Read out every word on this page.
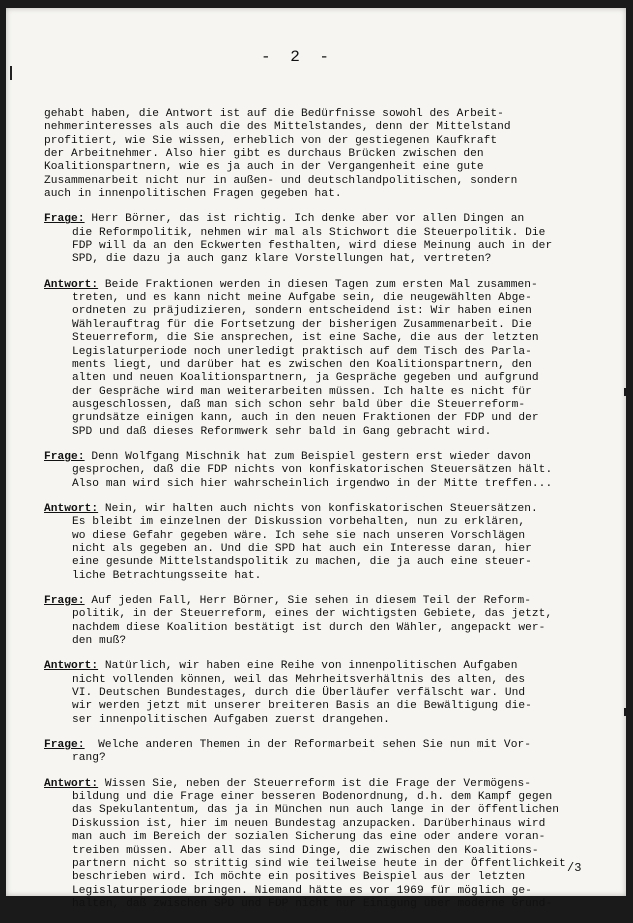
- 2 -
gehabt haben, die Antwort ist auf die Bedürfnisse sowohl des Arbeit-
nehmerinteresses als auch die des Mittelstandes, denn der Mittelstand
profitiert, wie Sie wissen, erheblich von der gestiegenen Kaufkraft
der Arbeitnehmer. Also hier gibt es durchaus Brücken zwischen den
Koalitionspartnern, wie es ja auch in der Vergangenheit eine gute
Zusammenarbeit nicht nur in außen- und deutschlandpolitischen, sondern
auch in innenpolitischen Fragen gegeben hat.
Frage: Herr Börner, das ist richtig. Ich denke aber vor allen Dingen an
die Reformpolitik, nehmen wir mal als Stichwort die Steuerpolitik. Die
FDP will da an den Eckwerten festhalten, wird diese Meinung auch in der
SPD, die dazu ja auch ganz klare Vorstellungen hat, vertreten?
Antwort: Beide Fraktionen werden in diesen Tagen zum ersten Mal zusammen-
treten, und es kann nicht meine Aufgabe sein, die neugewählten Abge-
ordneten zu präjudizieren, sondern entscheidend ist: Wir haben einen
Wählerauftrag für die Fortsetzung der bisherigen Zusammenarbeit. Die
Steuerreform, die Sie ansprechen, ist eine Sache, die aus der letzten
Legislaturperiode noch unerledigt praktisch auf dem Tisch des Parla-
ments liegt, und darüber hat es zwischen den Koalitionspartnern, den
alten und neuen Koalitionspartnern, ja Gespräche gegeben und aufgrund
der Gespräche wird man weiterarbeiten müssen. Ich halte es nicht für
ausgeschlossen, daß man sich schon sehr bald über die Steuerreform-
grundsätze einigen kann, auch in den neuen Fraktionen der FDP und der
SPD und daß dieses Reformwerk sehr bald in Gang gebracht wird.
Frage: Denn Wolfgang Mischnik hat zum Beispiel gestern erst wieder davon
gesprochen, daß die FDP nichts von konfiskatorischen Steuersätzen hält.
Also man wird sich hier wahrscheinlich irgendwo in der Mitte treffen...
Antwort: Nein, wir halten auch nichts von konfiskatorischen Steuersätzen.
Es bleibt im einzelnen der Diskussion vorbehalten, nun zu erklären,
wo diese Gefahr gegeben wäre. Ich sehe sie nach unseren Vorschlägen
nicht als gegeben an. Und die SPD hat auch ein Interesse daran, hier
eine gesunde Mittelstandspolitik zu machen, die ja auch eine steuer-
liche Betrachtungsseite hat.
Frage: Auf jeden Fall, Herr Börner, Sie sehen in diesem Teil der Reform-
politik, in der Steuerreform, eines der wichtigsten Gebiete, das jetzt,
nachdem diese Koalition bestätigt ist durch den Wähler, angepackt wer-
den muß?
Antwort: Natürlich, wir haben eine Reihe von innenpolitischen Aufgaben
nicht vollenden können, weil das Mehrheitsverhältnis des alten, des
VI. Deutschen Bundestages, durch die Überläufer verfälscht war. Und
wir werden jetzt mit unserer breiteren Basis an die Bewältigung die-
ser innenpolitischen Aufgaben zuerst drangehen.
Frage:  Welche anderen Themen in der Reformarbeit sehen Sie nun mit Vor-
rang?
Antwort: Wissen Sie, neben der Steuerreform ist die Frage der Vermögens-
bildung und die Frage einer besseren Bodenordnung, d.h. dem Kampf gegen
das Spekulantentum, das ja in München nun auch lange in der öffentlichen
Diskussion ist, hier im neuen Bundestag anzupacken. Darüberhinaus wird
man auch im Bereich der sozialen Sicherung das eine oder andere voran-
treiben müssen. Aber all das sind Dinge, die zwischen den Koalitions-
partnern nicht so strittig sind wie teilweise heute in der Öffentlichkeit
beschrieben wird. Ich möchte ein positives Beispiel aus der letzten
Legislaturperiode bringen. Niemand hätte es vor 1969 für möglich ge-
halten, daß zwischen SPD und FDP nicht nur Einigung über moderne Grund-
/3
